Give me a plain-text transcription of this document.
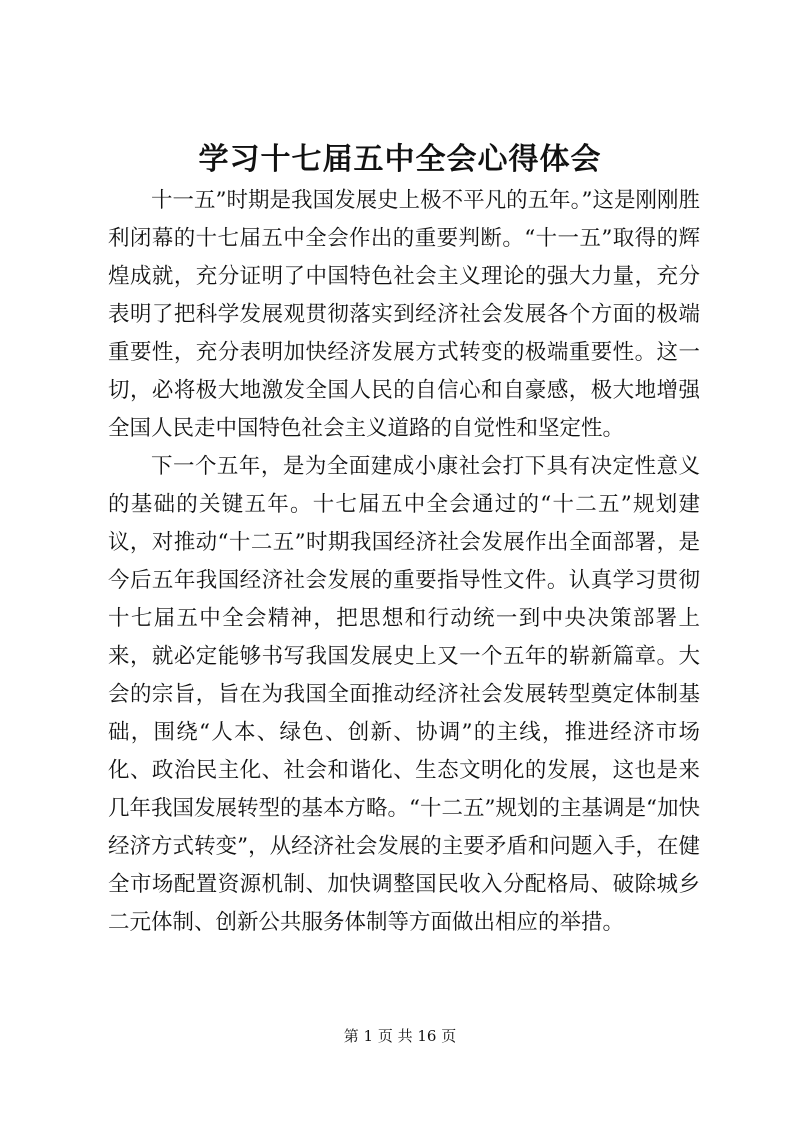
学习十七届五中全会心得体会

十一五”时期是我国发展史上极不平凡的五年。”这是刚刚胜利闭幕的十七届五中全会作出的重要判断。“十一五”取得的辉煌成就，充分证明了中国特色社会主义理论的强大力量，充分表明了把科学发展观贯彻落实到经济社会发展各个方面的极端重要性，充分表明加快经济发展方式转变的极端重要性。这一切，必将极大地激发全国人民的自信心和自豪感，极大地增强全国人民走中国特色社会主义道路的自觉性和坚定性。

下一个五年，是为全面建成小康社会打下具有决定性意义的基础的关键五年。十七届五中全会通过的“十二五”规划建议，对推动“十二五”时期我国经济社会发展作出全面部署，是今后五年我国经济社会发展的重要指导性文件。认真学习贯彻十七届五中全会精神，把思想和行动统一到中央决策部署上来，就必定能够书写我国发展史上又一个五年的崭新篇章。大会的宗旨，旨在为我国全面推动经济社会发展转型奠定体制基础，围绕“人本、绿色、创新、协调”的主线，推进经济市场化、政治民主化、社会和谐化、生态文明化的发展，这也是来几年我国发展转型的基本方略。“十二五”规划的主基调是“加快经济方式转变”，从经济社会发展的主要矛盾和问题入手，在健全市场配置资源机制、加快调整国民收入分配格局、破除城乡二元体制、创新公共服务体制等方面做出相应的举措。

第 1 页 共 16 页
